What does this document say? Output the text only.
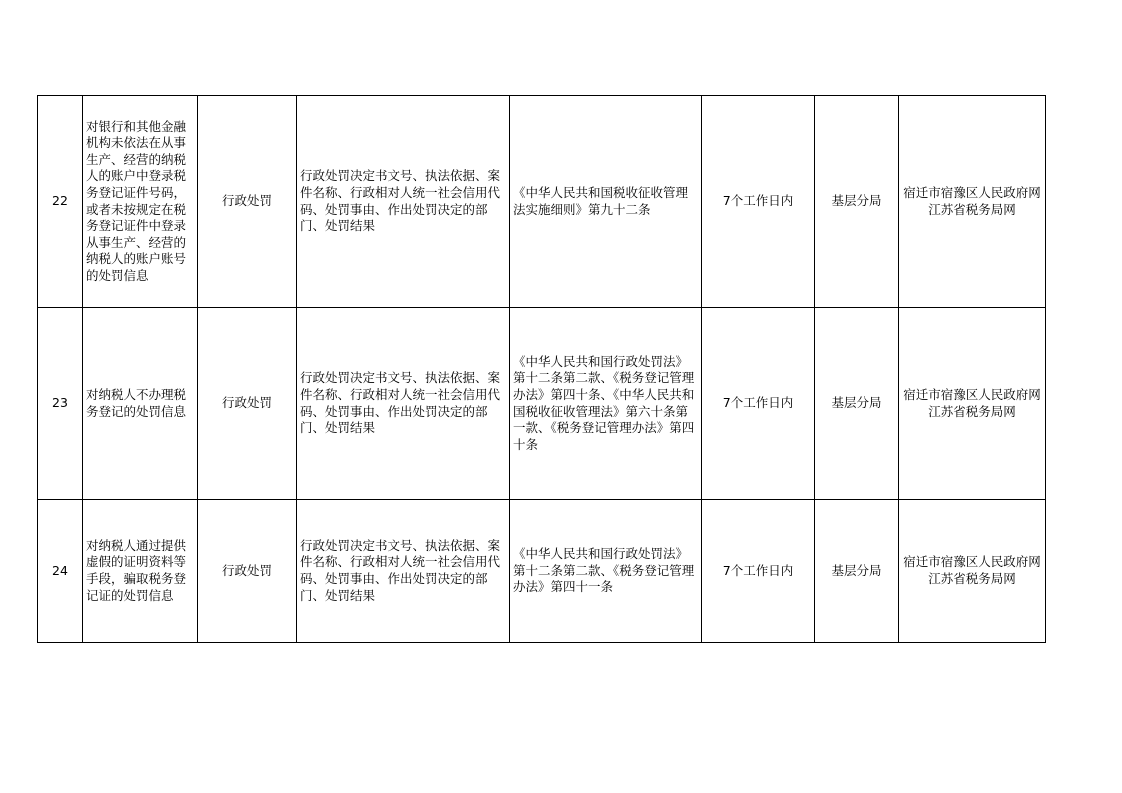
22	对银行和其他金融机构未依法在从事生产、经营的纳税人的账户中登录税务登记证件号码，或者未按规定在税务登记证件中登录从事生产、经营的纳税人的账户账号的处罚信息	行政处罚	行政处罚决定书文号、执法依据、案件名称、行政相对人统一社会信用代码、处罚事由、作出处罚决定的部门、处罚结果	《中华人民共和国税收征收管理法实施细则》第九十二条	7个工作日内	基层分局	宿迁市宿豫区人民政府网
江苏省税务局网

23	对纳税人不办理税务登记的处罚信息	行政处罚	行政处罚决定书文号、执法依据、案件名称、行政相对人统一社会信用代码、处罚事由、作出处罚决定的部门、处罚结果	《中华人民共和国行政处罚法》第十二条第二款、《税务登记管理办法》第四十条、《中华人民共和国税收征收管理法》第六十条第一款、《税务登记管理办法》第四十条	7个工作日内	基层分局	宿迁市宿豫区人民政府网
江苏省税务局网

24	对纳税人通过提供虚假的证明资料等手段，骗取税务登记证的处罚信息	行政处罚	行政处罚决定书文号、执法依据、案件名称、行政相对人统一社会信用代码、处罚事由、作出处罚决定的部门、处罚结果	《中华人民共和国行政处罚法》第十二条第二款、《税务登记管理办法》第四十一条	7个工作日内	基层分局	宿迁市宿豫区人民政府网
江苏省税务局网
